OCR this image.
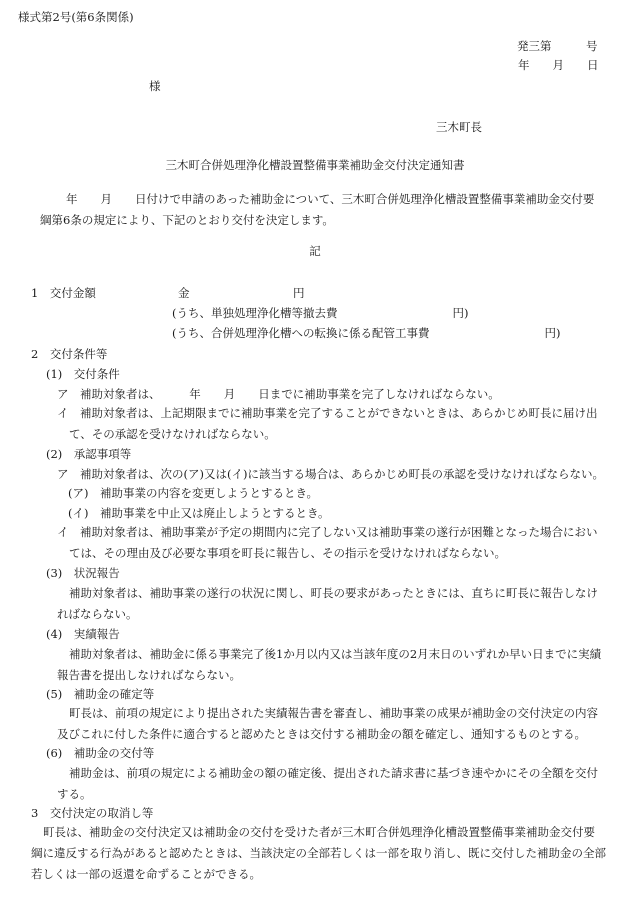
様式第2号(第6条関係)
発三第　　　号
年　　月　　日
様
三木町長
三木町合併処理浄化槽設置整備事業補助金交付決定通知書
年　　月　　日付けで申請のあった補助金について、三木町合併処理浄化槽設置整備事業補助金交付要綱第6条の規定により、下記のとおり交付を決定します。
記
1　交付金額	金　　　　　　　　　円
(うち、単独処理浄化槽等撤去費　　　　　　　　　　円)
(うち、合併処理浄化槽への転換に係る配管工事費　　　　　　　　　　円)
2　交付条件等
(1)　交付条件
ア　補助対象者は、　　　年　　月　　日までに補助事業を完了しなければならない。
イ　補助対象者は、上記期限までに補助事業を完了することができないときは、あらかじめ町長に届け出て、その承認を受けなければならない。
(2)　承認事項等
ア　補助対象者は、次の(ア)又は(イ)に該当する場合は、あらかじめ町長の承認を受けなければならない。
(ア)　補助事業の内容を変更しようとするとき。
(イ)　補助事業を中止又は廃止しようとするとき。
イ　補助対象者は、補助事業が予定の期間内に完了しない又は補助事業の遂行が困難となった場合においては、その理由及び必要な事項を町長に報告し、その指示を受けなければならない。
(3)　状況報告
補助対象者は、補助事業の遂行の状況に関し、町長の要求があったときには、直ちに町長に報告しなければならない。
(4)　実績報告
補助対象者は、補助金に係る事業完了後1か月以内又は当該年度の2月末日のいずれか早い日までに実績報告書を提出しなければならない。
(5)　補助金の確定等
町長は、前項の規定により提出された実績報告書を審査し、補助事業の成果が補助金の交付決定の内容及びこれに付した条件に適合すると認めたときは交付する補助金の額を確定し、通知するものとする。
(6)　補助金の交付等
補助金は、前項の規定による補助金の額の確定後、提出された請求書に基づき速やかにその全額を交付する。
3　交付決定の取消し等
町長は、補助金の交付決定又は補助金の交付を受けた者が三木町合併処理浄化槽設置整備事業補助金交付要綱に違反する行為があると認めたときは、当該決定の全部若しくは一部を取り消し、既に交付した補助金の全部若しくは一部の返還を命ずることができる。
